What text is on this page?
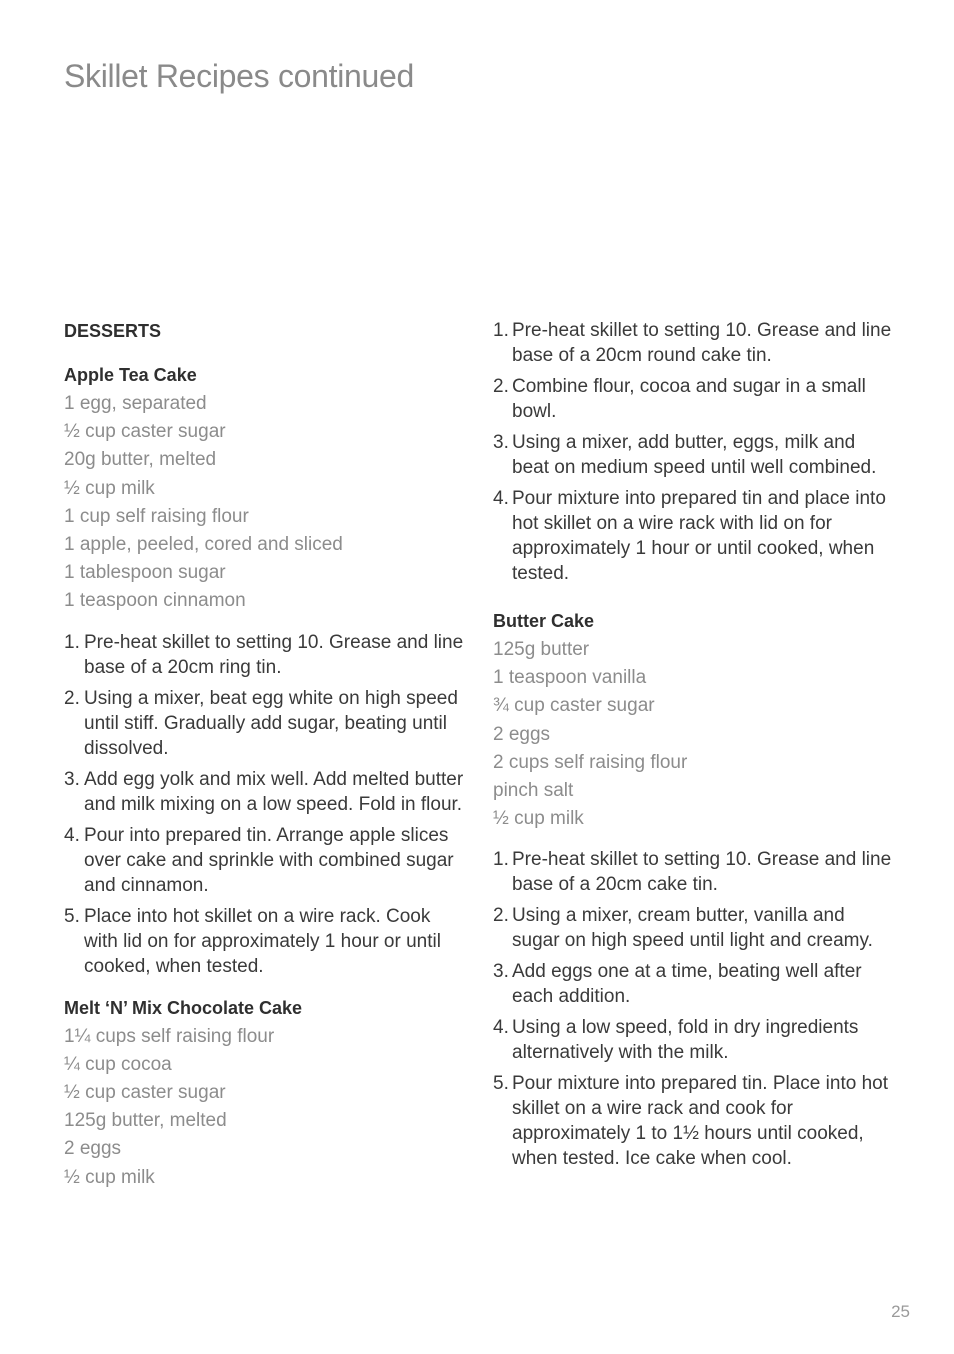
Skillet Recipes continued
DESSERTS
Apple Tea Cake
1 egg, separated
½ cup caster sugar
20g butter, melted
½ cup milk
1 cup self raising flour
1 apple, peeled, cored and sliced
1 tablespoon sugar
1 teaspoon cinnamon
1. Pre-heat skillet to setting 10. Grease and line base of a 20cm ring tin.
2. Using a mixer, beat egg white on high speed until stiff. Gradually add sugar, beating until dissolved.
3. Add egg yolk and mix well. Add melted butter and milk mixing on a low speed. Fold in flour.
4. Pour into prepared tin. Arrange apple slices over cake and sprinkle with combined sugar and cinnamon.
5. Place into hot skillet on a wire rack. Cook with lid on for approximately 1 hour or until cooked, when tested.
Melt ‘N’ Mix Chocolate Cake
1¼ cups self raising flour
¼ cup cocoa
½ cup caster sugar
125g butter, melted
2 eggs
½ cup milk
1. Pre-heat skillet to setting 10. Grease and line base of a 20cm round cake tin.
2. Combine flour, cocoa and sugar in a small bowl.
3. Using a mixer, add butter, eggs, milk and beat on medium speed until well combined.
4. Pour mixture into prepared tin and place into hot skillet on a wire rack with lid on for approximately 1 hour or until cooked, when tested.
Butter Cake
125g butter
1 teaspoon vanilla
¾ cup caster sugar
2 eggs
2 cups self raising flour
pinch salt
½ cup milk
1. Pre-heat skillet to setting 10. Grease and line base of a 20cm cake tin.
2. Using a mixer, cream butter, vanilla and sugar on high speed until light and creamy.
3. Add eggs one at a time, beating well after each addition.
4. Using a low speed, fold in dry ingredients alternatively with the milk.
5. Pour mixture into prepared tin. Place into hot skillet on a wire rack and cook for approximately 1 to 1½ hours until cooked, when tested. Ice cake when cool.
25
